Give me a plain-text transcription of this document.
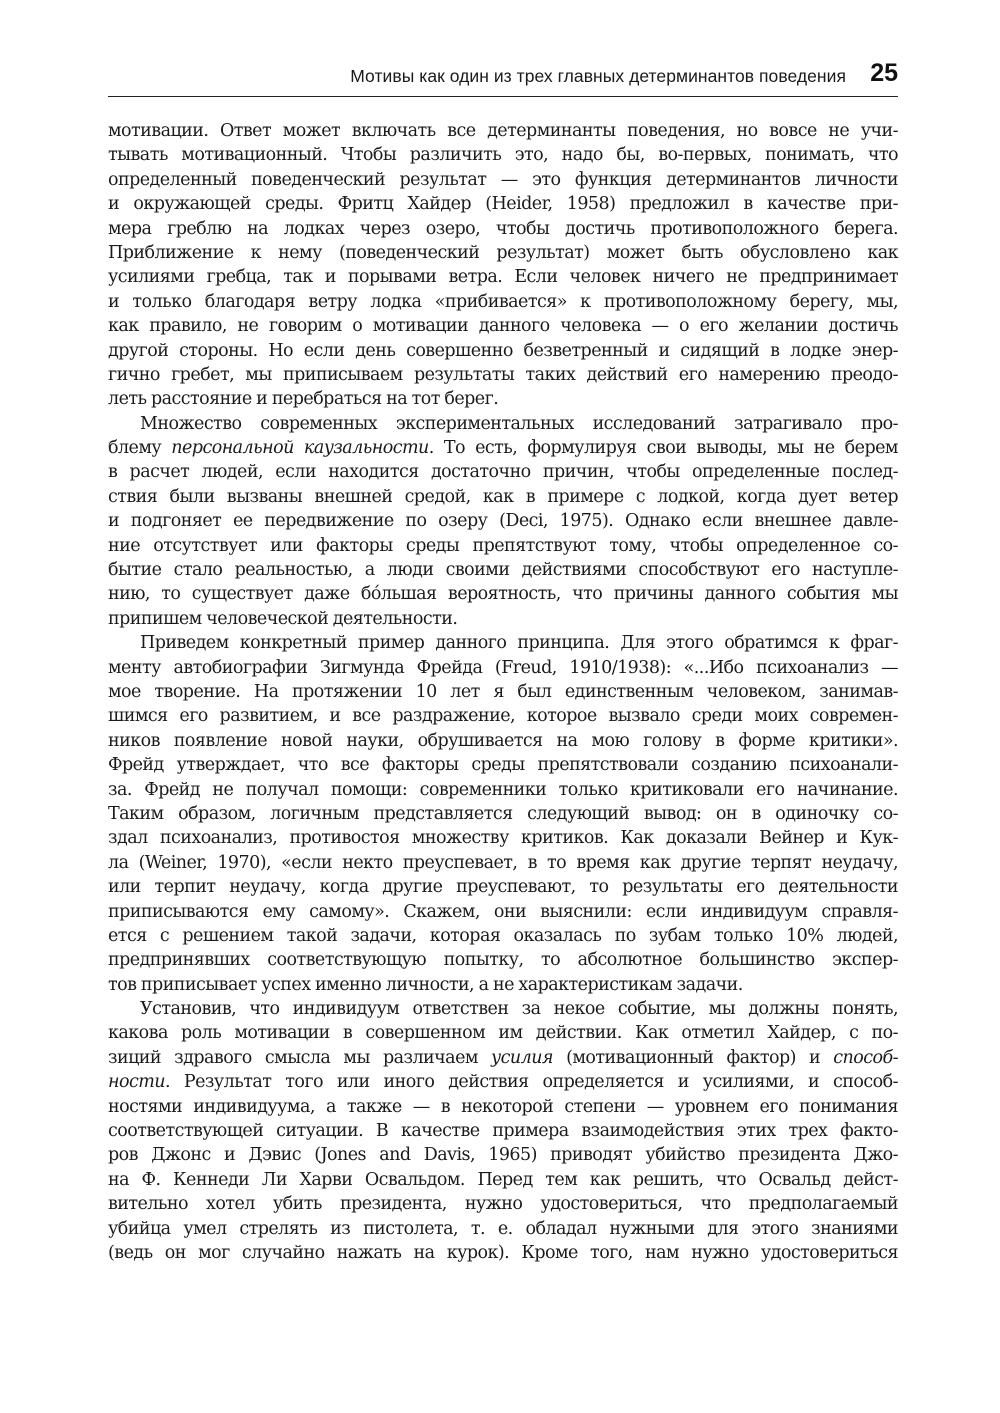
Мотивы как один из трех главных детерминантов поведения 25
мотивации. Ответ может включать все детерминанты поведения, но вовсе не учи-
тывать мотивационный. Чтобы различить это, надо бы, во-первых, понимать, что
определенный поведенческий результат — это функция детерминантов личности
и окружающей среды. Фритц Хайдер (Heider, 1958) предложил в качестве при-
мера греблю на лодках через озеро, чтобы достичь противоположного берега.
Приближение к нему (поведенческий результат) может быть обусловлено как
усилиями гребца, так и порывами ветра. Если человек ничего не предпринимает
и только благодаря ветру лодка «прибивается» к противоположному берегу, мы,
как правило, не говорим о мотивации данного человека — о его желании достичь
другой стороны. Но если день совершенно безветренный и сидящий в лодке энер-
гично гребет, мы приписываем результаты таких действий его намерению преодо-
леть расстояние и перебраться на тот берег.
Множество современных экспериментальных исследований затрагивало про-
блему персональной каузальности. То есть, формулируя свои выводы, мы не берем
в расчет людей, если находится достаточно причин, чтобы определенные послед-
ствия были вызваны внешней средой, как в примере с лодкой, когда дует ветер
и подгоняет ее передвижение по озеру (Deci, 1975). Однако если внешнее давле-
ние отсутствует или факторы среды препятствуют тому, чтобы определенное со-
бытие стало реальностью, а люди своими действиями способствуют его наступле-
нию, то существует даже бóльшая вероятность, что причины данного события мы
припишем человеческой деятельности.
Приведем конкретный пример данного принципа. Для этого обратимся к фраг-
менту автобиографии Зигмунда Фрейда (Freud, 1910/1938): «...Ибо психоанализ —
мое творение. На протяжении 10 лет я был единственным человеком, занимав-
шимся его развитием, и все раздражение, которое вызвало среди моих современ-
ников появление новой науки, обрушивается на мою голову в форме критики».
Фрейд утверждает, что все факторы среды препятствовали созданию психоанали-
за. Фрейд не получал помощи: современники только критиковали его начинание.
Таким образом, логичным представляется следующий вывод: он в одиночку со-
здал психоанализ, противостоя множеству критиков. Как доказали Вейнер и Кук-
ла (Weiner, 1970), «если некто преуспевает, в то время как другие терпят неудачу,
или терпит неудачу, когда другие преуспевают, то результаты его деятельности
приписываются ему самому». Скажем, они выяснили: если индивидуум справля-
ется с решением такой задачи, которая оказалась по зубам только 10% людей,
предпринявших соответствующую попытку, то абсолютное большинство экспер-
тов приписывает успех именно личности, а не характеристикам задачи.
Установив, что индивидуум ответствен за некое событие, мы должны понять,
какова роль мотивации в совершенном им действии. Как отметил Хайдер, с по-
зиций здравого смысла мы различаем усилия (мотивационный фактор) и способ-
ности. Результат того или иного действия определяется и усилиями, и способ-
ностями индивидуума, а также — в некоторой степени — уровнем его понимания
соответствующей ситуации. В качестве примера взаимодействия этих трех факто-
ров Джонс и Дэвис (Jones and Davis, 1965) приводят убийство президента Джо-
на Ф. Кеннеди Ли Харви Освальдом. Перед тем как решить, что Освальд дейст-
вительно хотел убить президента, нужно удостовериться, что предполагаемый
убийца умел стрелять из пистолета, т. е. обладал нужными для этого знаниями
(ведь он мог случайно нажать на курок). Кроме того, нам нужно удостовериться
